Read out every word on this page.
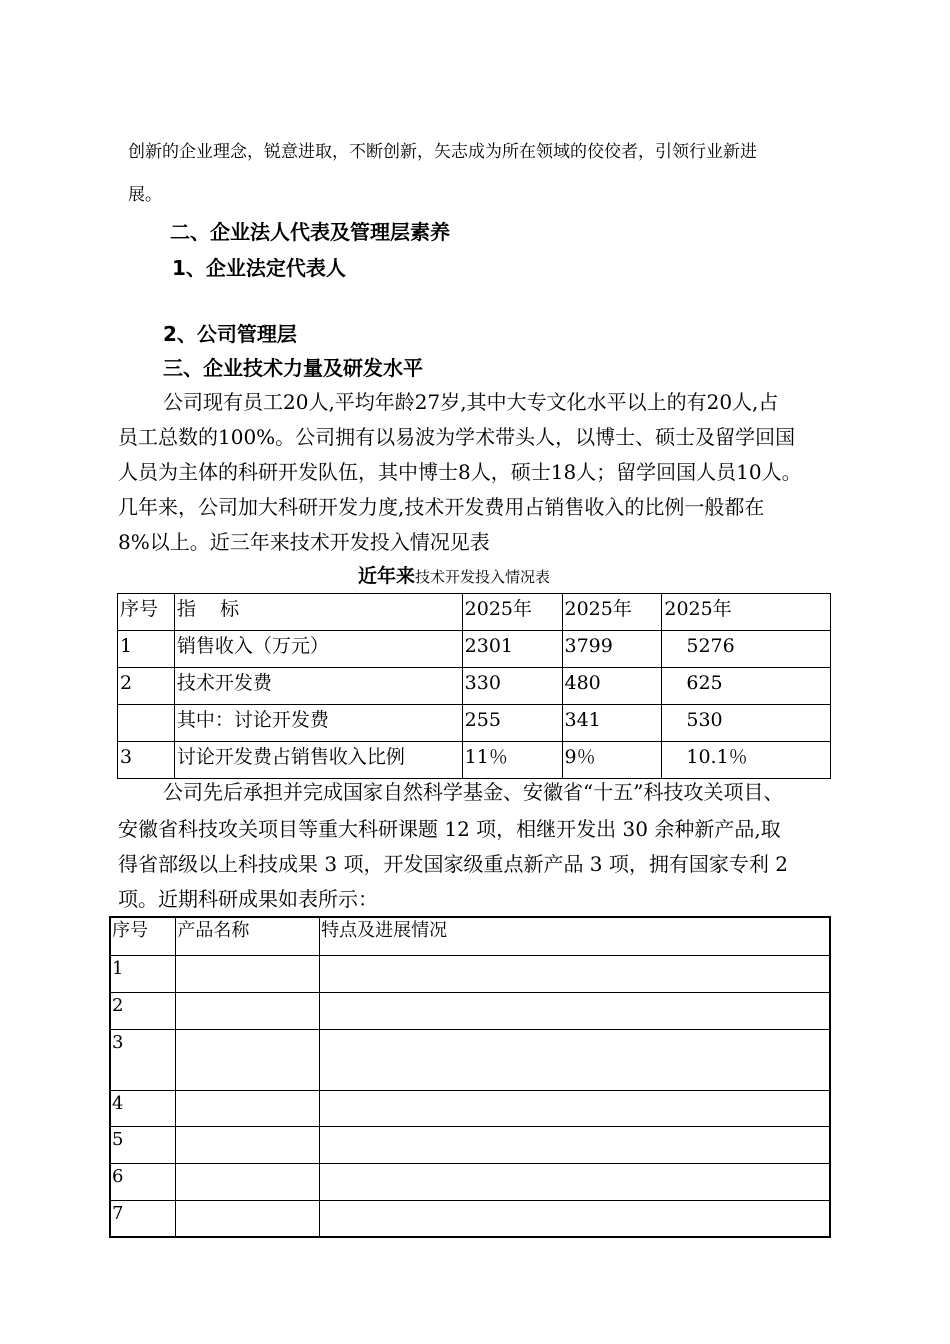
创新的企业理念，锐意进取，不断创新，矢志成为所在领域的佼佼者，引领行业新进
展。
二、企业法人代表及管理层素养
1、企业法定代表人
2、公司管理层
三、企业技术力量及研发水平
公司现有员工20人,平均年龄27岁,其中大专文化水平以上的有20人,占
员工总数的100%。公司拥有以易波为学术带头人，以博士、硕士及留学回国
人员为主体的科研开发队伍，其中博士8人，硕士18人；留学回国人员10人。
几年来，公司加大科研开发力度,技术开发费用占销售收入的比例一般都在
8%以上。近三年来技术开发投入情况见表
近年来技术开发投入情况表
序号	指    标	2025年	2025年	2025年
1	销售收入（万元）	2301	3799	5276
2	技术开发费	330	480	625
	其中：讨论开发费	255	341	530
3	讨论开发费占销售收入比例	11％	9％	10.1％
公司先后承担并完成国家自然科学基金、安徽省“十五”科技攻关项目、
安徽省科技攻关项目等重大科研课题 12 项，相继开发出 30 余种新产品,取
得省部级以上科技成果 3 项，开发国家级重点新产品 3 项，拥有国家专利 2
项。近期科研成果如表所示：
序号	产品名称	特点及进展情况
1		
2		
3		
4		
5		
6		
7		
